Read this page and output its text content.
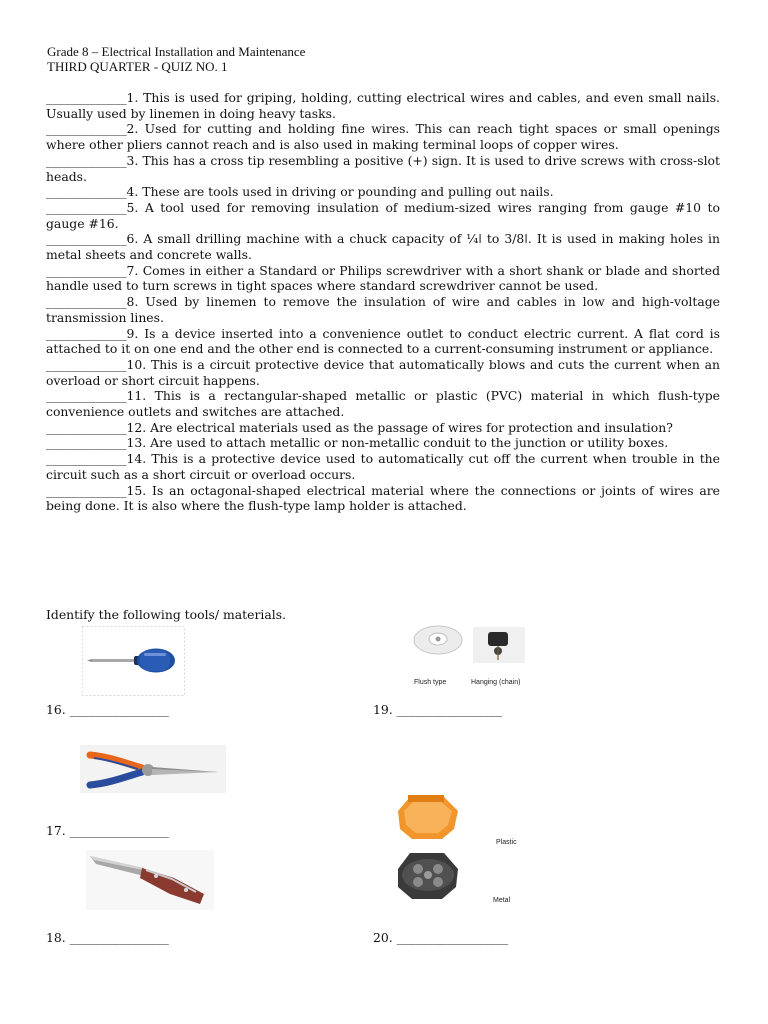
Grade 8 – Electrical Installation and Maintenance
THIRD QUARTER - QUIZ NO. 1
_____________1. This is used for griping, holding, cutting electrical wires and cables, and even small nails. Usually used by linemen in doing heavy tasks.
_____________2. Used for cutting and holding fine wires. This can reach tight spaces or small openings where other pliers cannot reach and is also used in making terminal loops of copper wires.
_____________3. This has a cross tip resembling a positive (+) sign. It is used to drive screws with cross-slot heads.
_____________4. These are tools used in driving or pounding and pulling out nails.
_____________5. A tool used for removing insulation of medium-sized wires ranging from gauge #10 to gauge #16.
_____________6. A small drilling machine with a chuck capacity of ¼ǀ to 3/8ǀ. It is used in making holes in metal sheets and concrete walls.
_____________7. Comes in either a Standard or Philips screwdriver with a short shank or blade and shorted handle used to turn screws in tight spaces where standard screwdriver cannot be used.
_____________8. Used by linemen to remove the insulation of wire and cables in low and high-voltage transmission lines.
_____________9. Is a device inserted into a convenience outlet to conduct electric current. A flat cord is attached to it on one end and the other end is connected to a current-consuming instrument or appliance.
_____________10. This is a circuit protective device that automatically blows and cuts the current when an overload or short circuit happens.
_____________11. This is a rectangular-shaped metallic or plastic (PVC) material in which flush-type convenience outlets and switches are attached.
_____________12. Are electrical materials used as the passage of wires for protection and insulation?
_____________13. Are used to attach metallic or non-metallic conduit to the junction or utility boxes.
_____________14. This is a protective device used to automatically cut off the current when trouble in the circuit such as a short circuit or overload occurs.
_____________15. Is an octagonal-shaped electrical material where the connections or joints of wires are being done. It is also where the flush-type lamp holder is attached.
Identify the following tools/ materials.
Flush type	Hanging (chain)
Plastic
Metal
16. ________________	19. _________________
17. ________________
18. ________________	20. __________________
